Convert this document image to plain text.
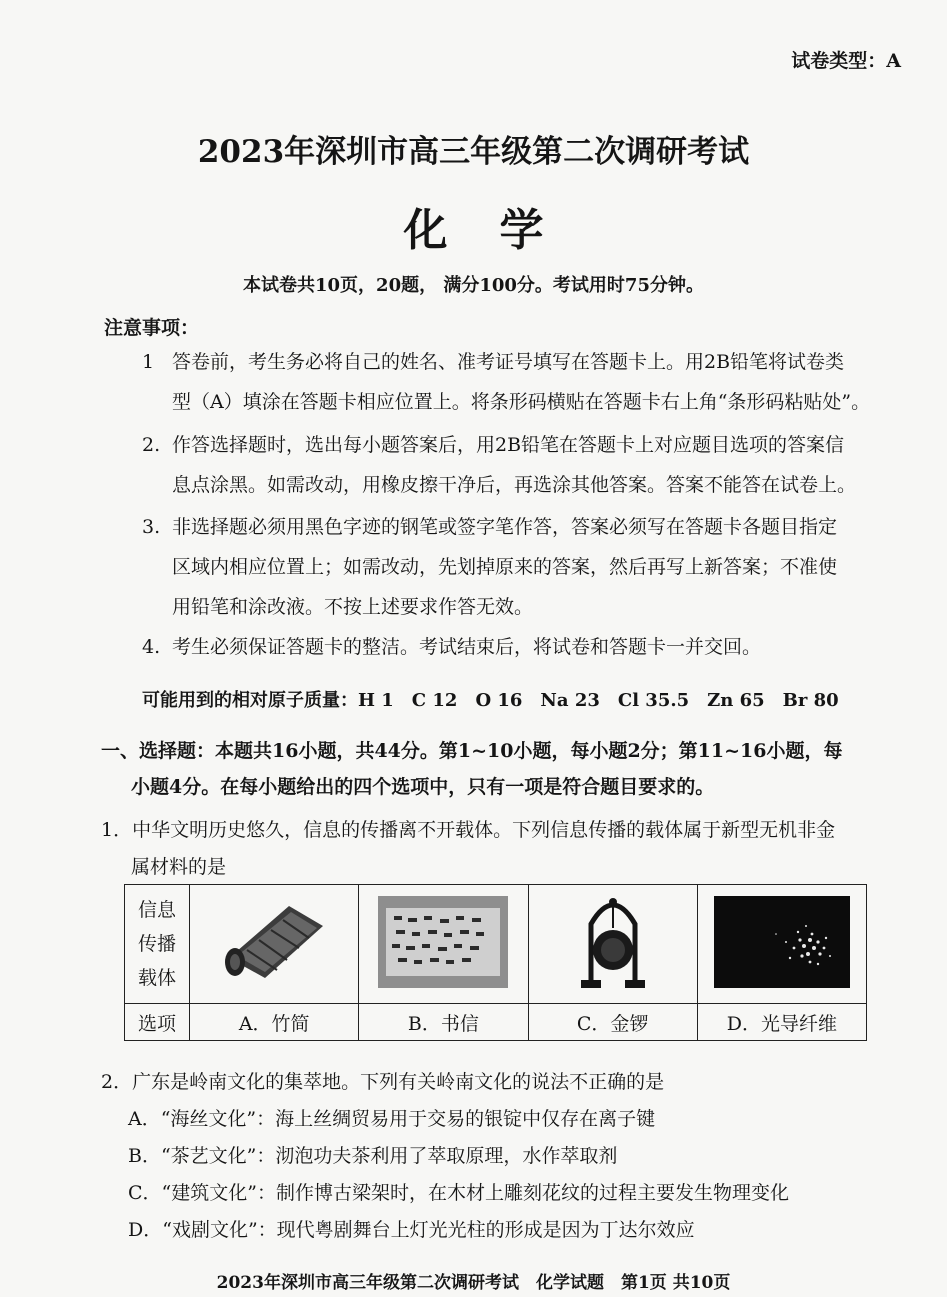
试卷类型：A
2023年深圳市高三年级第二次调研考试
化学
本试卷共10页，20题， 满分100分。考试用时75分钟。
注意事项：
1 答卷前，考生务必将自己的姓名、准考证号填写在答题卡上。用2B铅笔将试卷类
型（A）填涂在答题卡相应位置上。将条形码横贴在答题卡右上角“条形码粘贴处”。
2. 作答选择题时，选出每小题答案后，用2B铅笔在答题卡上对应题目选项的答案信
息点涂黑。如需改动，用橡皮擦干净后，再选涂其他答案。答案不能答在试卷上。
3. 非选择题必须用黑色字迹的钢笔或签字笔作答，答案必须写在答题卡各题目指定
区域内相应位置上；如需改动，先划掉原来的答案，然后再写上新答案；不准使
用铅笔和涂改液。不按上述要求作答无效。
4. 考生必须保证答题卡的整洁。考试结束后，将试卷和答题卡一并交回。
可能用到的相对原子质量：H 1　C 12　O 16　Na 23　Cl 35.5　Zn 65　Br 80
一、选择题：本题共16小题，共44分。第1~10小题，每小题2分；第11~16小题，每
小题4分。在每小题给出的四个选项中，只有一项是符合题目要求的。
1．中华文明历史悠久，信息的传播离不开载体。下列信息传播的载体属于新型无机非金
属材料的是
信息
传播
载体

选项	A．竹简	B．书信	C．金锣	D．光导纤维
2．广东是岭南文化的集萃地。下列有关岭南文化的说法不正确的是
A．“海丝文化”：海上丝绸贸易用于交易的银锭中仅存在离子键
B．“茶艺文化”：沏泡功夫茶利用了萃取原理，水作萃取剂
C．“建筑文化”：制作博古梁架时，在木材上雕刻花纹的过程主要发生物理变化
D．“戏剧文化”：现代粤剧舞台上灯光光柱的形成是因为丁达尔效应
2023年深圳市高三年级第二次调研考试　化学试题　第1页 共10页
